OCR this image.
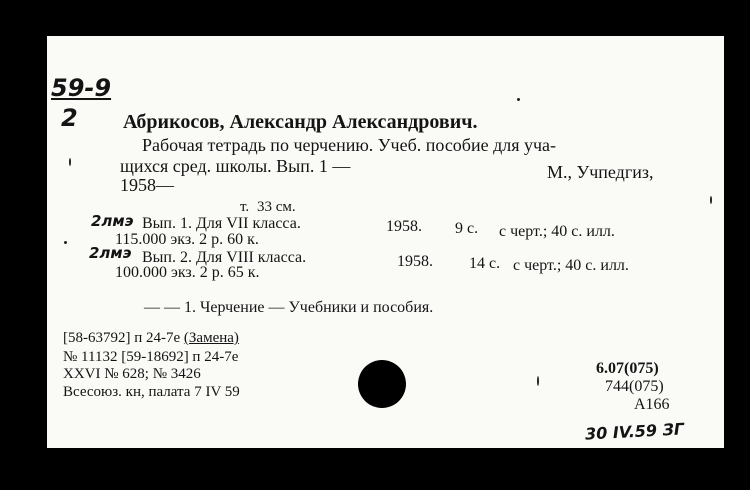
59-9
2 Абрикосов, Александр Александрович.
Рабочая тетрадь по черчению. Учеб. пособие для уча-
щихся сред. школы. Вып. 1 —	М., Учпедгиз,
1958—
т. 33 см.
2лмэ Вып. 1. Для VII класса.	1958. 9 с. с черт.; 40 с. илл.
115.000 экз. 2 р. 60 к.
2лмэ Вып. 2. Для VIII класса.	1958. 14 с. с черт.; 40 с. илл.
100.000 экз. 2 р. 65 к.
— — 1. Черчение — Учебники и пособия.
[58-63792] п 24-7е (Замена)
№ 11132 [59-18692] п 24-7е
XXVI № 628; № 3426
Всесоюз. кн, палата 7 IV 59
6.07(075)
744(075)
А166
30 IV.59 ЗГ
